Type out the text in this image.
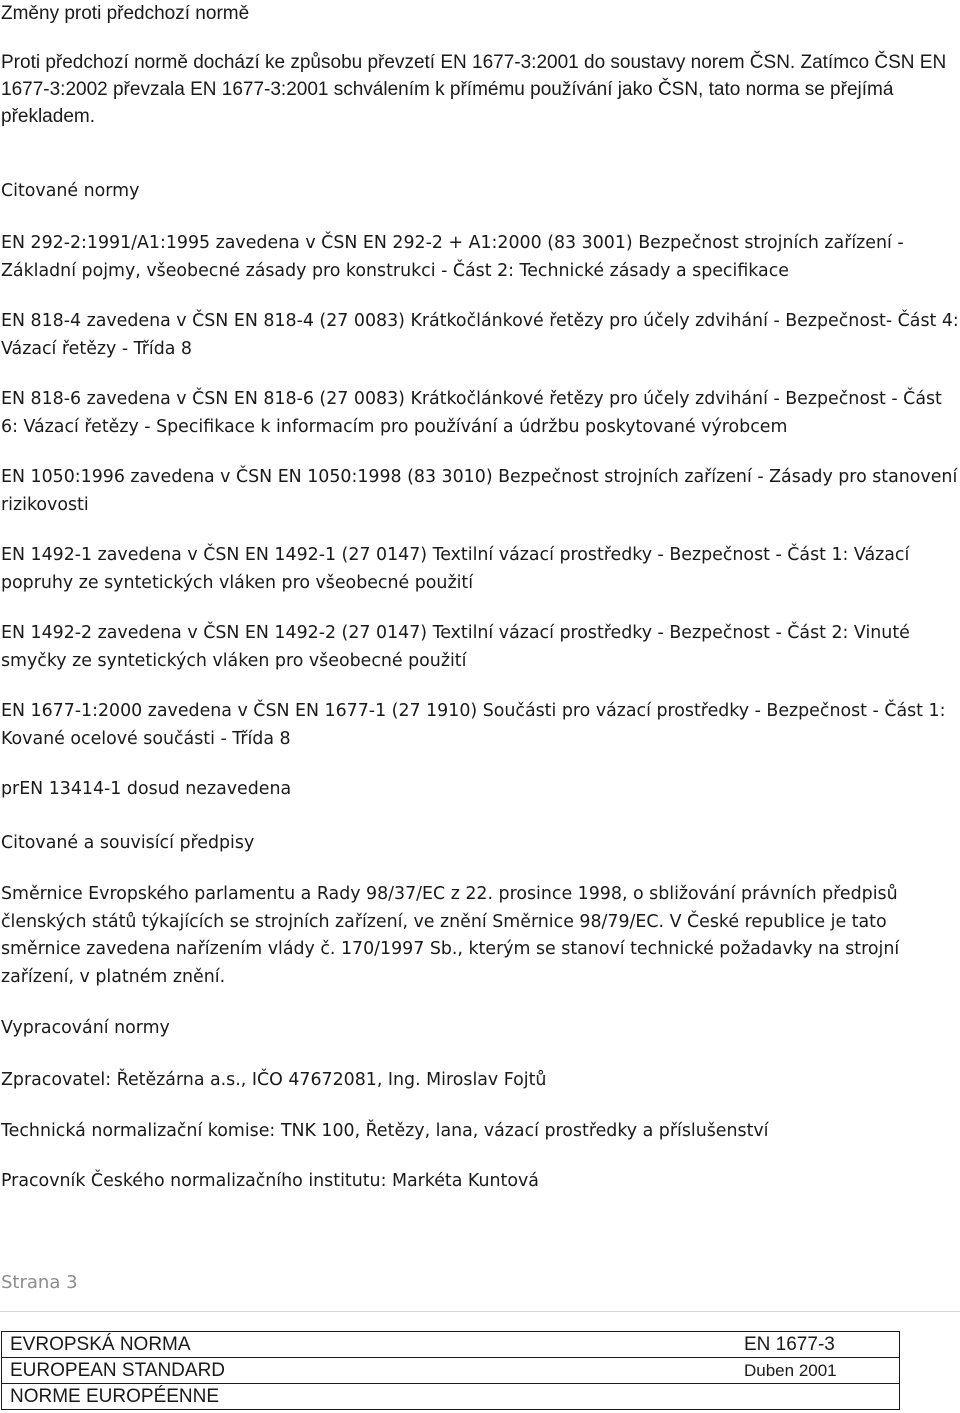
Změny proti předchozí normě

Proti předchozí normě dochází ke způsobu převzetí EN 1677-3:2001 do soustavy norem ČSN. Zatímco ČSN EN 1677-3:2002 převzala EN 1677-3:2001 schválením k přímému používání jako ČSN, tato norma se přejímá překladem.

Citované normy

EN 292-2:1991/A1:1995 zavedena v ČSN EN 292-2 + A1:2000 (83 3001) Bezpečnost strojních zařízení - Základní pojmy, všeobecné zásady pro konstrukci - Část 2: Technické zásady a specifikace

EN 818-4 zavedena v ČSN EN 818-4 (27 0083) Krátkočlánkové řetězy pro účely zdvihání - Bezpečnost- Část 4: Vázací řetězy - Třída 8

EN 818-6 zavedena v ČSN EN 818-6 (27 0083) Krátkočlánkové řetězy pro účely zdvihání - Bezpečnost - Část 6: Vázací řetězy - Specifikace k informacím pro používání a údržbu poskytované výrobcem

EN 1050:1996 zavedena v ČSN EN 1050:1998 (83 3010) Bezpečnost strojních zařízení - Zásady pro stanovení rizikovosti

EN 1492-1 zavedena v ČSN EN 1492-1 (27 0147) Textilní vázací prostředky - Bezpečnost - Část 1: Vázací popruhy ze syntetických vláken pro všeobecné použití

EN 1492-2 zavedena v ČSN EN 1492-2 (27 0147) Textilní vázací prostředky - Bezpečnost - Část 2: Vinuté smyčky ze syntetických vláken pro všeobecné použití

EN 1677-1:2000 zavedena v ČSN EN 1677-1 (27 1910) Součásti pro vázací prostředky - Bezpečnost - Část 1: Kované ocelové součásti - Třída 8

prEN 13414-1 dosud nezavedena

Citované a souvisící předpisy

Směrnice Evropského parlamentu a Rady 98/37/EC z 22. prosince 1998, o sbližování právních předpisů členských států týkajících se strojních zařízení, ve znění Směrnice 98/79/EC. V České republice je tato směrnice zavedena nařízením vlády č. 170/1997 Sb., kterým se stanoví technické požadavky na strojní zařízení, v platném znění.

Vypracování normy

Zpracovatel: Řetězárna a.s., IČO 47672081, Ing. Miroslav Fojtů

Technická normalizační komise: TNK 100, Řetězy, lana, vázací prostředky a příslušenství

Pracovník Českého normalizačního institutu: Markéta Kuntová

Strana 3
EVROPSKÁ NORMA	EN 1677-3
EUROPEAN STANDARD	Duben 2001
NORME EUROPÉENNE
